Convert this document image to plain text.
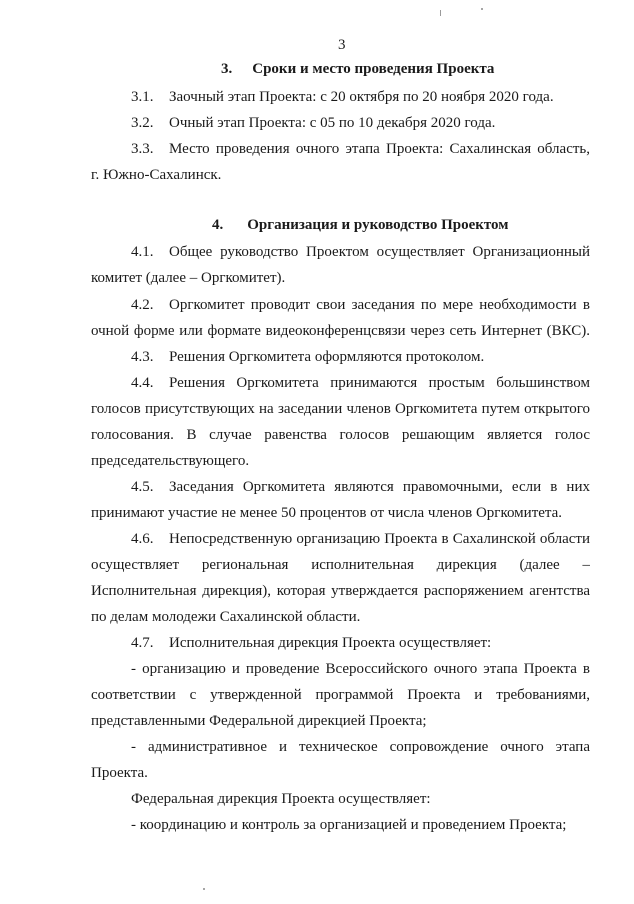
3
3. Сроки и место проведения Проекта
3.1. Заочный этап Проекта: с 20 октября по 20 ноября 2020 года.
3.2. Очный этап Проекта: с 05 по 10 декабря 2020 года.
3.3. Место проведения очного этапа Проекта: Сахалинская область,
г. Южно-Сахалинск.
4. Организация и руководство Проектом
4.1. Общее руководство Проектом осуществляет Организационный
комитет (далее – Оргкомитет).
4.2. Оргкомитет проводит свои заседания по мере необходимости в
очной форме или формате видеоконференцсвязи через сеть Интернет (ВКС).
4.3. Решения Оргкомитета оформляются протоколом.
4.4. Решения Оргкомитета принимаются простым большинством
голосов присутствующих на заседании членов Оргкомитета путем открытого
голосования. В случае равенства голосов решающим является голос
председательствующего.
4.5. Заседания Оргкомитета являются правомочными, если в них
принимают участие не менее 50 процентов от числа членов Оргкомитета.
4.6. Непосредственную организацию Проекта в Сахалинской области
осуществляет региональная исполнительная дирекция (далее –
Исполнительная дирекция), которая утверждается распоряжением агентства
по делам молодежи Сахалинской области.
4.7. Исполнительная дирекция Проекта осуществляет:
- организацию и проведение Всероссийского очного этапа Проекта в
соответствии с утвержденной программой Проекта и требованиями,
представленными Федеральной дирекцией Проекта;
- административное и техническое сопровождение очного этапа
Проекта.
Федеральная дирекция Проекта осуществляет:
- координацию и контроль за организацией и проведением Проекта;
